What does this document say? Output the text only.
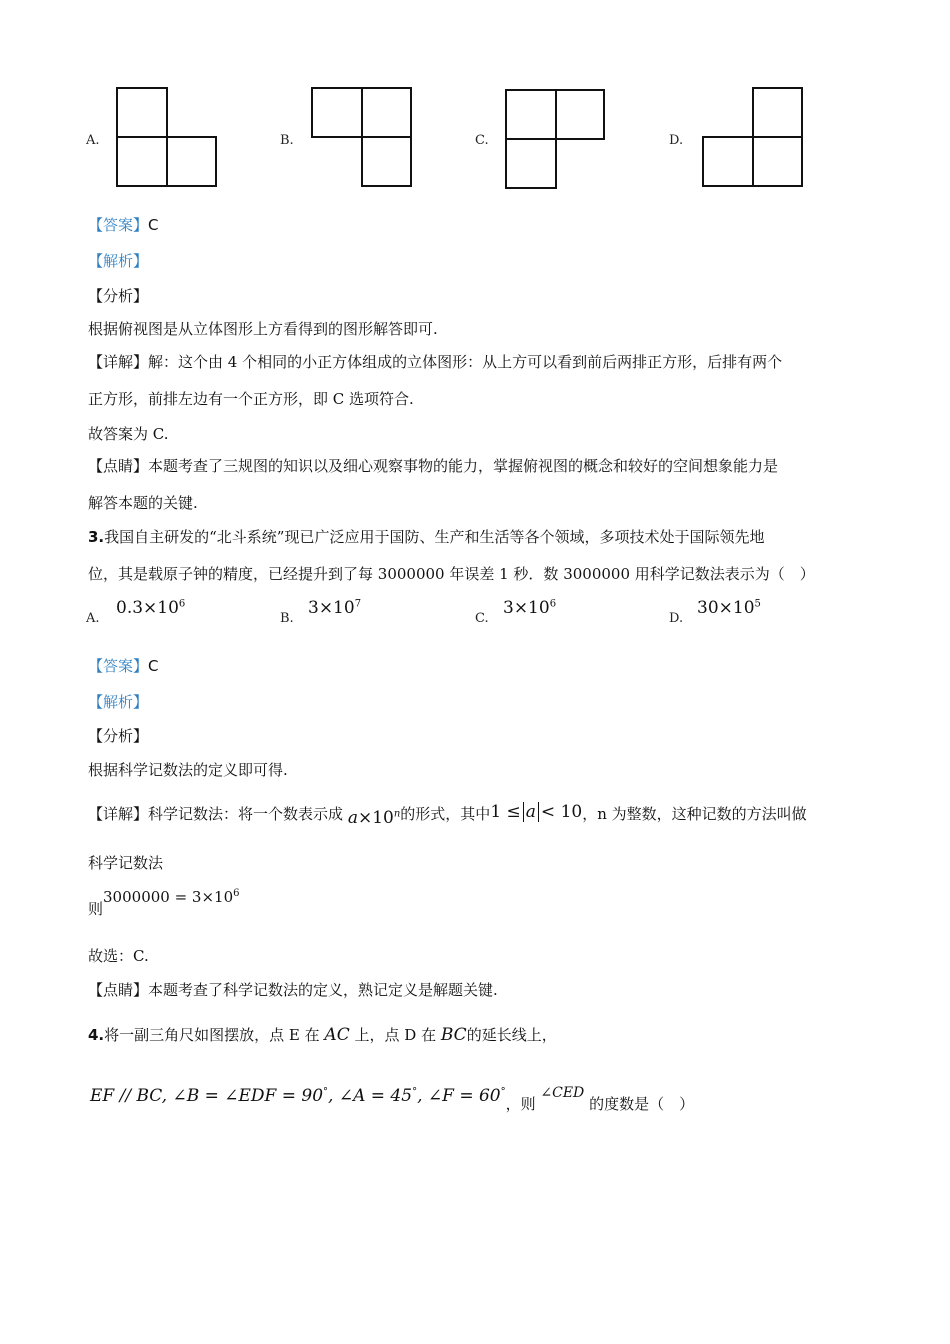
A.	B.	C.	D.
【答案】C
【解析】
【分析】
根据俯视图是从立体图形上方看得到的图形解答即可.
【详解】解：这个由 4 个相同的小正方体组成的立体图形：从上方可以看到前后两排正方形，后排有两个
正方形，前排左边有一个正方形，即 C 选项符合.
故答案为 C.
【点睛】本题考查了三规图的知识以及细心观察事物的能力，掌握俯视图的概念和较好的空间想象能力是
解答本题的关键.
3.我国自主研发的“北斗系统”现已广泛应用于国防、生产和生活等各个领域，多项技术处于国际领先地
位，其是载原子钟的精度，已经提升到了每 3000000 年误差 1 秒．数 3000000 用科学记数法表示为（　）
A.
$0.3\times 10^6$
B.
$3\times 10^7$
C.
$3\times 10^6$
D.
$30\times 10^5$
【答案】C
【解析】
【分析】
根据科学记数法的定义即可得.
【详解】科学记数法：将一个数表示成 $a\times 10^n$的形式，其中1 ≤ a < 10，n 为整数，这种记数的方法叫做
科学记数法
则$3000000 = 3\times 10^6$
故选：C.
【点睛】本题考查了科学记数法的定义，熟记定义是解题关键.
4.将一副三角尺如图摆放，点 E 在 AC 上，点 D 在 BC的延长线上，
EF // BC, ∠B = ∠EDF = 90°, ∠A = 45°, ∠F = 60°，则 ∠CED 的度数是（　）
